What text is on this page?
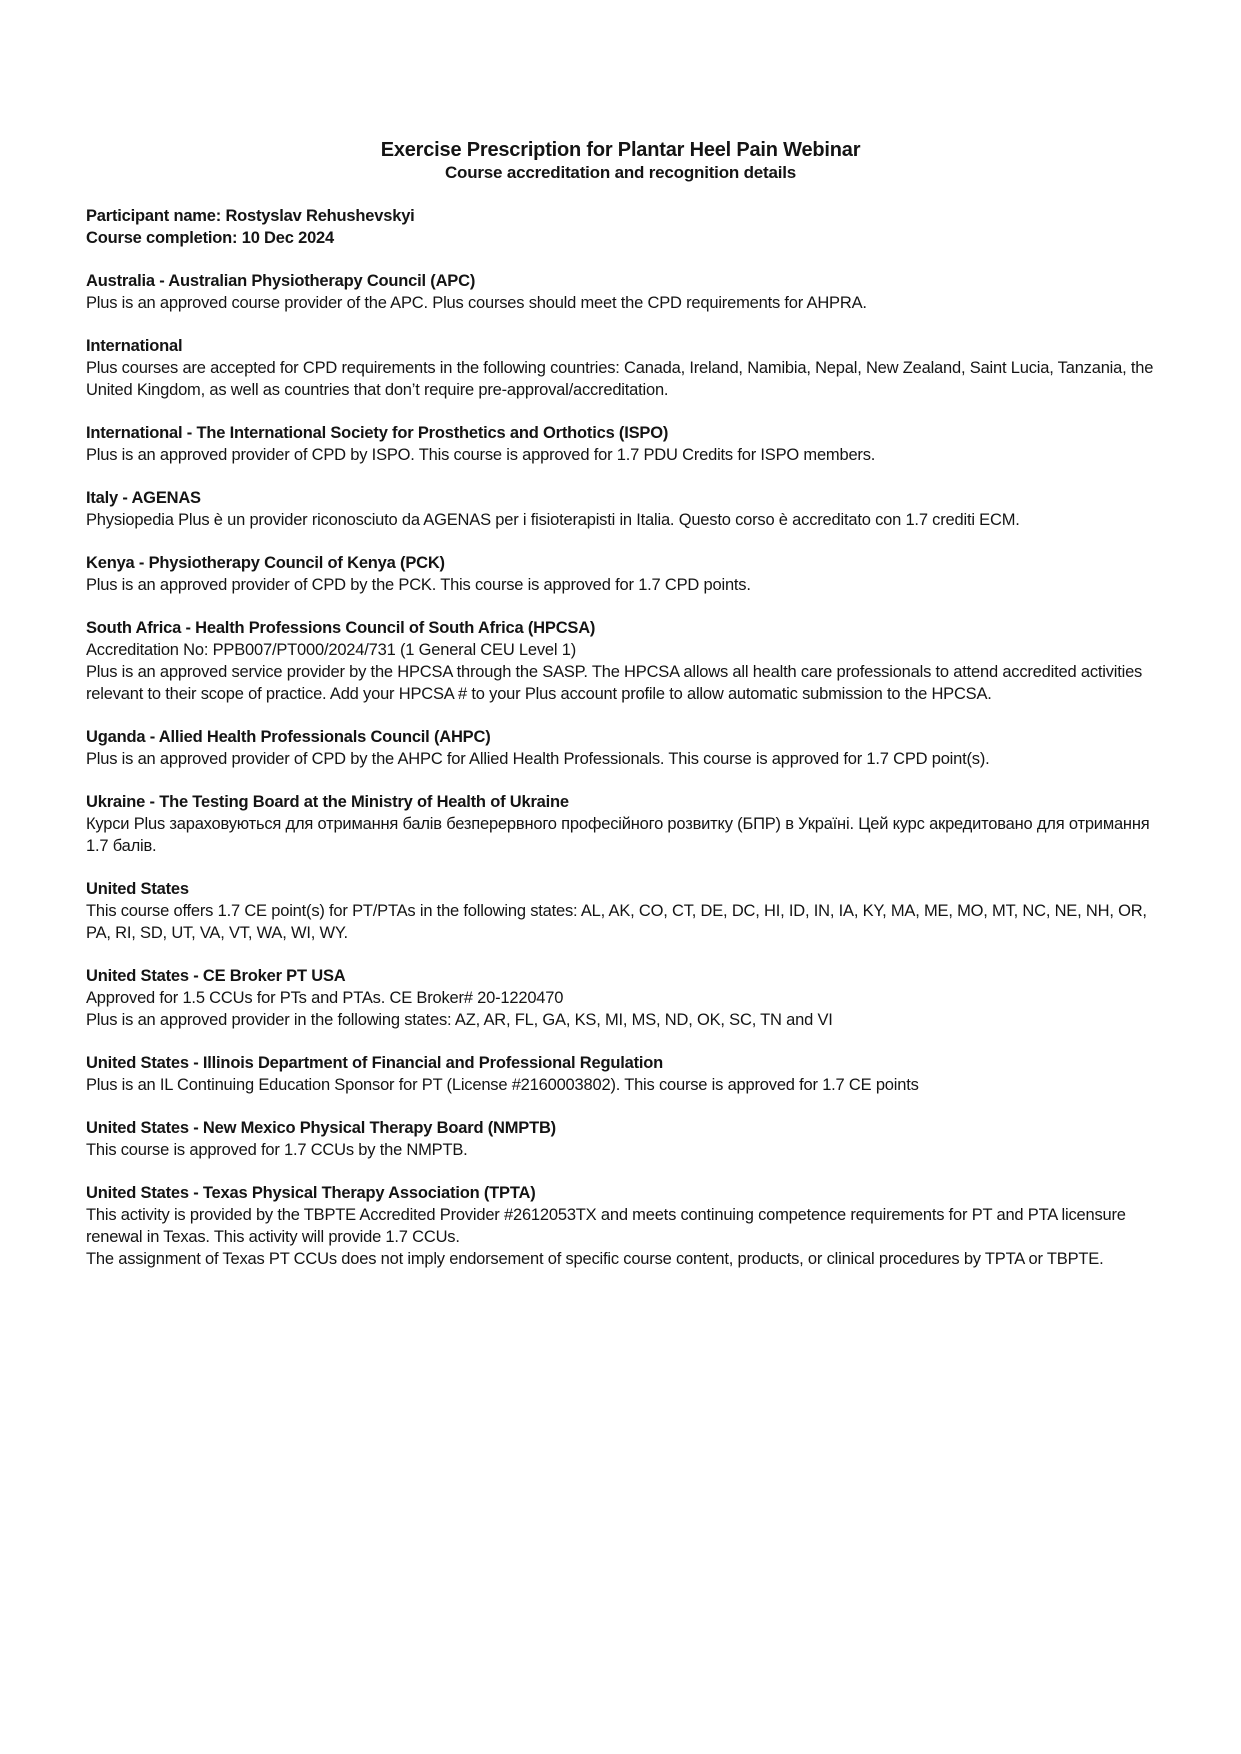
Exercise Prescription for Plantar Heel Pain Webinar
Course accreditation and recognition details
Participant name: Rostyslav Rehushevskyi
Course completion: 10 Dec 2024
Australia - Australian Physiotherapy Council (APC)
Plus is an approved course provider of the APC. Plus courses should meet the CPD requirements for AHPRA.
International
Plus courses are accepted for CPD requirements in the following countries: Canada, Ireland, Namibia, Nepal, New Zealand, Saint Lucia, Tanzania, the United Kingdom, as well as countries that don’t require pre-approval/accreditation.
International - The International Society for Prosthetics and Orthotics (ISPO)
Plus is an approved provider of CPD by ISPO. This course is approved for 1.7 PDU Credits for ISPO members.
Italy - AGENAS
Physiopedia Plus è un provider riconosciuto da AGENAS per i fisioterapisti in Italia. Questo corso è accreditato con 1.7 crediti ECM.
Kenya - Physiotherapy Council of Kenya (PCK)
Plus is an approved provider of CPD by the PCK. This course is approved for 1.7 CPD points.
South Africa - Health Professions Council of South Africa (HPCSA)
Accreditation No: PPB007/PT000/2024/731 (1 General CEU Level 1)
Plus is an approved service provider by the HPCSA through the SASP. The HPCSA allows all health care professionals to attend accredited activities relevant to their scope of practice. Add your HPCSA # to your Plus account profile to allow automatic submission to the HPCSA.
Uganda - Allied Health Professionals Council (AHPC)
Plus is an approved provider of CPD by the AHPC for Allied Health Professionals. This course is approved for 1.7 CPD point(s).
Ukraine - The Testing Board at the Ministry of Health of Ukraine
Курси Plus зараховуються для отримання балів безперервного професійного розвитку (БПР) в Україні. Цей курс акредитовано для отримання 1.7 балів.
United States
This course offers 1.7 CE point(s) for PT/PTAs in the following states: AL, AK, CO, CT, DE, DC, HI, ID, IN, IA, KY, MA, ME, MO, MT, NC, NE, NH, OR, PA, RI, SD, UT, VA, VT, WA, WI, WY.
United States - CE Broker PT USA
Approved for 1.5 CCUs for PTs and PTAs. CE Broker# 20-1220470
Plus is an approved provider in the following states: AZ, AR, FL, GA, KS, MI, MS, ND, OK, SC, TN and VI
United States - Illinois Department of Financial and Professional Regulation
Plus is an IL Continuing Education Sponsor for PT (License #2160003802). This course is approved for 1.7 CE points
United States - New Mexico Physical Therapy Board (NMPTB)
This course is approved for 1.7 CCUs by the NMPTB.
United States - Texas Physical Therapy Association (TPTA)
This activity is provided by the TBPTE Accredited Provider #2612053TX and meets continuing competence requirements for PT and PTA licensure renewal in Texas. This activity will provide 1.7 CCUs.
The assignment of Texas PT CCUs does not imply endorsement of specific course content, products, or clinical procedures by TPTA or TBPTE.
